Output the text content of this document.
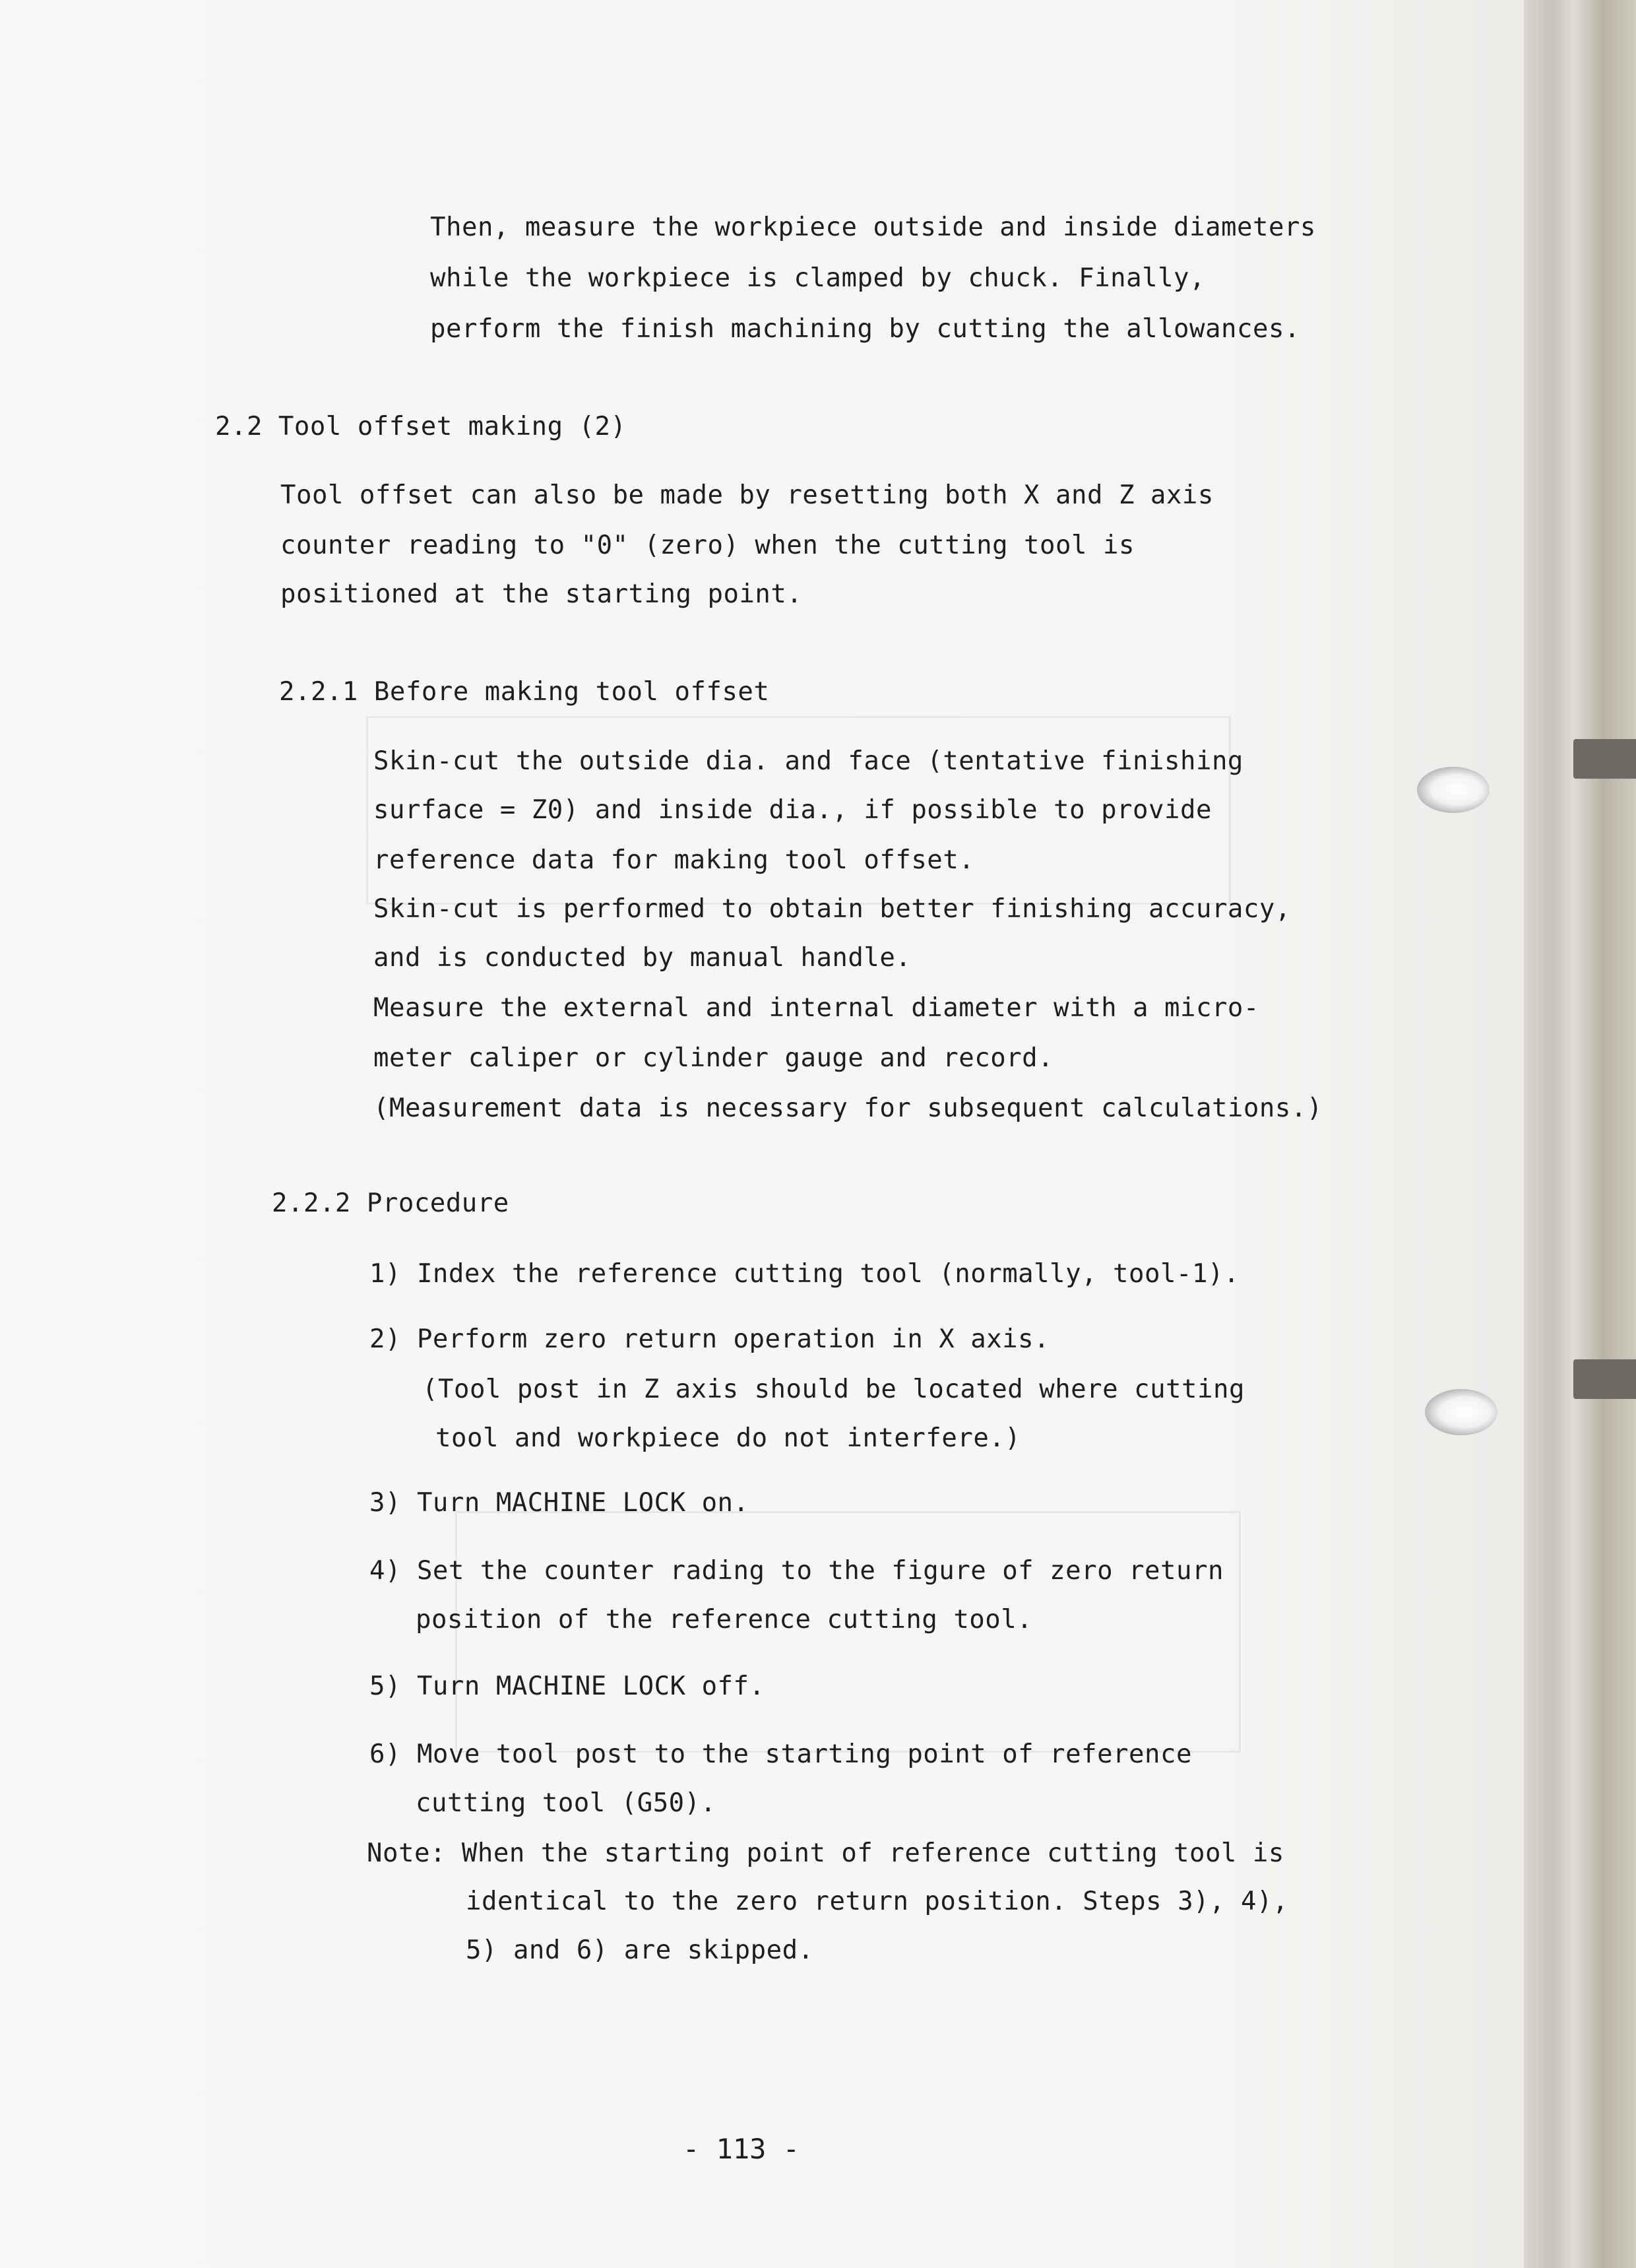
Then, measure the workpiece outside and inside diameters
while the workpiece is clamped by chuck. Finally,
perform the finish machining by cutting the allowances.
2.2 Tool offset making (2)
Tool offset can also be made by resetting both X and Z axis
counter reading to "0" (zero) when the cutting tool is
positioned at the starting point.
2.2.1 Before making tool offset
Skin-cut the outside dia. and face (tentative finishing
surface = Z0) and inside dia., if possible to provide
reference data for making tool offset.
Skin-cut is performed to obtain better finishing accuracy,
and is conducted by manual handle.
Measure the external and internal diameter with a micro-
meter caliper or cylinder gauge and record.
(Measurement data is necessary for subsequent calculations.)
2.2.2 Procedure
1) Index the reference cutting tool (normally, tool-1).
2) Perform zero return operation in X axis.
(Tool post in Z axis should be located where cutting
tool and workpiece do not interfere.)
3) Turn MACHINE LOCK on.
4) Set the counter rading to the figure of zero return
position of the reference cutting tool.
5) Turn MACHINE LOCK off.
6) Move tool post to the starting point of reference
cutting tool (G50).
Note: When the starting point of reference cutting tool is
identical to the zero return position. Steps 3), 4),
5) and 6) are skipped.
- 113 -
